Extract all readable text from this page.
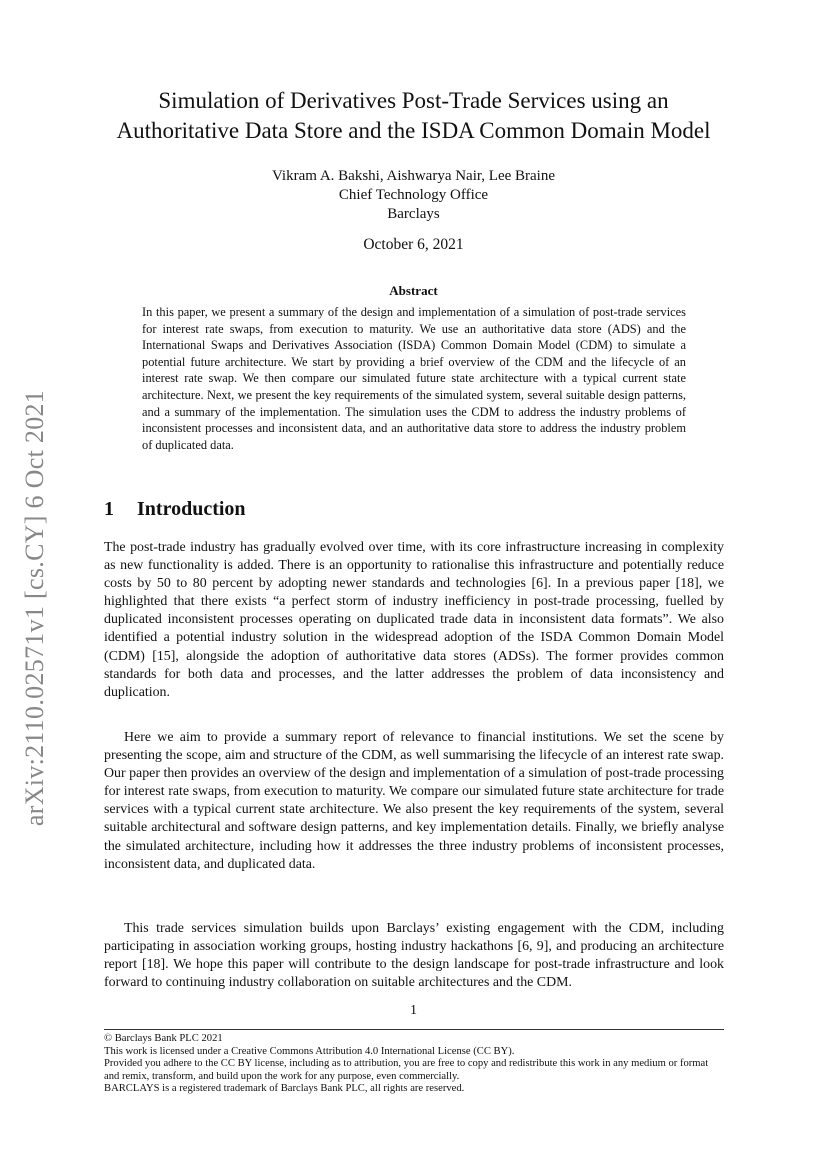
arXiv:2110.02571v1 [cs.CY] 6 Oct 2021
Simulation of Derivatives Post-Trade Services using an
Authoritative Data Store and the ISDA Common Domain Model
Vikram A. Bakshi, Aishwarya Nair, Lee Braine
Chief Technology Office
Barclays
October 6, 2021
Abstract

In this paper, we present a summary of the design and implementation of a simulation of post-trade services for interest rate swaps, from execution to maturity. We use an authoritative data store (ADS) and the International Swaps and Derivatives Association (ISDA) Common Domain Model (CDM) to simulate a potential future architecture. We start by providing a brief overview of the CDM and the lifecycle of an interest rate swap. We then compare our simulated future state architecture with a typical current state architecture. Next, we present the key requirements of the simulated system, several suitable design patterns, and a summary of the implementation. The simulation uses the CDM to address the industry problems of inconsistent processes and inconsistent data, and an authoritative data store to address the industry problem of duplicated data.

1 Introduction

The post-trade industry has gradually evolved over time, with its core infrastructure increasing in complexity as new functionality is added. There is an opportunity to rationalise this infrastructure and potentially reduce costs by 50 to 80 percent by adopting newer standards and technologies [6]. In a previous paper [18], we highlighted that there exists “a perfect storm of industry inefficiency in post-trade processing, fuelled by duplicated inconsistent processes operating on duplicated trade data in inconsistent data formats”. We also identified a potential industry solution in the widespread adoption of the ISDA Common Domain Model (CDM) [15], alongside the adoption of authoritative data stores (ADSs). The former provides common standards for both data and processes, and the latter addresses the problem of data inconsistency and duplication.

Here we aim to provide a summary report of relevance to financial institutions. We set the scene by presenting the scope, aim and structure of the CDM, as well summarising the lifecycle of an interest rate swap. Our paper then provides an overview of the design and implementation of a simulation of post-trade processing for interest rate swaps, from execution to maturity. We compare our simulated future state architecture for trade services with a typical current state architecture. We also present the key requirements of the system, several suitable architectural and software design patterns, and key implementation details. Finally, we briefly analyse the simulated architecture, including how it addresses the three industry problems of inconsistent processes, inconsistent data, and duplicated data.

This trade services simulation builds upon Barclays’ existing engagement with the CDM, including participating in association working groups, hosting industry hackathons [6, 9], and producing an architecture report [18]. We hope this paper will contribute to the design landscape for post-trade infrastructure and look forward to continuing industry collaboration on suitable architectures and the CDM.

1

© Barclays Bank PLC 2021
This work is licensed under a Creative Commons Attribution 4.0 International License (CC BY).
Provided you adhere to the CC BY license, including as to attribution, you are free to copy and redistribute this work in any medium or format and remix, transform, and build upon the work for any purpose, even commercially.
BARCLAYS is a registered trademark of Barclays Bank PLC, all rights are reserved.
